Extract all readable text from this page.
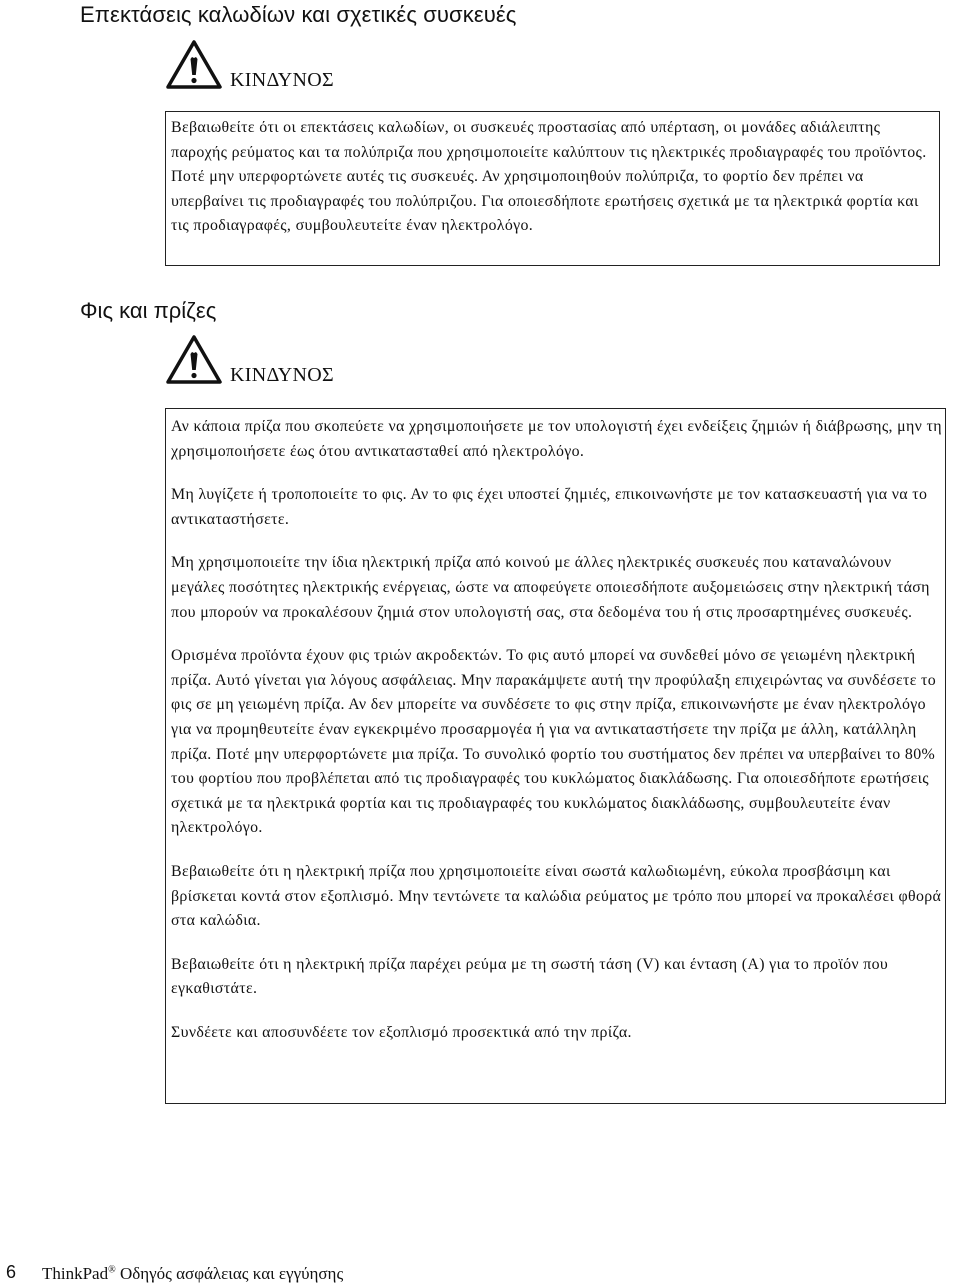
Επεκτάσεις καλωδίων και σχετικές συσκευές
ΚΙΝΔΥΝΟΣ

Βεβαιωθείτε ότι οι επεκτάσεις καλωδίων, οι συσκευές προστασίας από υπέρταση, οι μονάδες αδιάλειπτης παροχής ρεύματος και τα πολύπριζα που χρησιμοποιείτε καλύπτουν τις ηλεκτρικές προδιαγραφές του προϊόντος. Ποτέ μην υπερφορτώνετε αυτές τις συσκευές. Αν χρησιμοποιηθούν πολύπριζα, το φορτίο δεν πρέπει να υπερβαίνει τις προδιαγραφές του πολύπριζου. Για οποιεσδήποτε ερωτήσεις σχετικά με τα ηλεκτρικά φορτία και τις προδιαγραφές, συμβουλευτείτε έναν ηλεκτρολόγο.

Φις και πρίζες
ΚΙΝΔΥΝΟΣ

Αν κάποια πρίζα που σκοπεύετε να χρησιμοποιήσετε με τον υπολογιστή έχει ενδείξεις ζημιών ή διάβρωσης, μην τη χρησιμοποιήσετε έως ότου αντικατασταθεί από ηλεκτρολόγο.

Μη λυγίζετε ή τροποποιείτε το φις. Αν το φις έχει υποστεί ζημιές, επικοινωνήστε με τον κατασκευαστή για να το αντικαταστήσετε.

Μη χρησιμοποιείτε την ίδια ηλεκτρική πρίζα από κοινού με άλλες ηλεκτρικές συσκευές που καταναλώνουν μεγάλες ποσότητες ηλεκτρικής ενέργειας, ώστε να αποφεύγετε οποιεσδήποτε αυξομειώσεις στην ηλεκτρική τάση που μπορούν να προκαλέσουν ζημιά στον υπολογιστή σας, στα δεδομένα του ή στις προσαρτημένες συσκευές.

Ορισμένα προϊόντα έχουν φις τριών ακροδεκτών. Το φις αυτό μπορεί να συνδεθεί μόνο σε γειωμένη ηλεκτρική πρίζα. Αυτό γίνεται για λόγους ασφάλειας. Μην παρακάμψετε αυτή την προφύλαξη επιχειρώντας να συνδέσετε το φις σε μη γειωμένη πρίζα. Αν δεν μπορείτε να συνδέσετε το φις στην πρίζα, επικοινωνήστε με έναν ηλεκτρολόγο για να προμηθευτείτε έναν εγκεκριμένο προσαρμογέα ή για να αντικαταστήσετε την πρίζα με άλλη, κατάλληλη πρίζα. Ποτέ μην υπερφορτώνετε μια πρίζα. Το συνολικό φορτίο του συστήματος δεν πρέπει να υπερβαίνει το 80% του φορτίου που προβλέπεται από τις προδιαγραφές του κυκλώματος διακλάδωσης. Για οποιεσδήποτε ερωτήσεις σχετικά με τα ηλεκτρικά φορτία και τις προδιαγραφές του κυκλώματος διακλάδωσης, συμβουλευτείτε έναν ηλεκτρολόγο.

Βεβαιωθείτε ότι η ηλεκτρική πρίζα που χρησιμοποιείτε είναι σωστά καλωδιωμένη, εύκολα προσβάσιμη και βρίσκεται κοντά στον εξοπλισμό. Μην τεντώνετε τα καλώδια ρεύματος με τρόπο που μπορεί να προκαλέσει φθορά στα καλώδια.

Βεβαιωθείτε ότι η ηλεκτρική πρίζα παρέχει ρεύμα με τη σωστή τάση (V) και ένταση (A) για το προϊόν που εγκαθιστάτε.

Συνδέετε και αποσυνδέετε τον εξοπλισμό προσεκτικά από την πρίζα.

6 ThinkPad® Οδηγός ασφάλειας και εγγύησης
